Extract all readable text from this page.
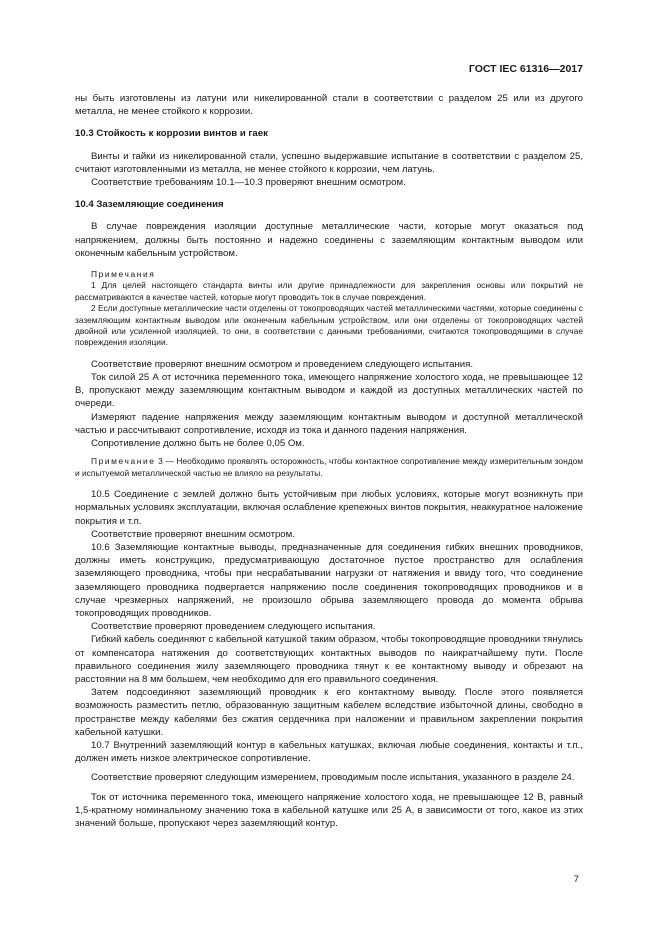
ГОСТ IEC 61316—2017

ны быть изготовлены из латуни или никелированной стали в соответствии с разделом 25 или из другого металла, не менее стойкого к коррозии.

10.3 Стойкость к коррозии винтов и гаек

Винты и гайки из никелированной стали, успешно выдержавшие испытание в соответствии с разделом 25, считают изготовленными из металла, не менее стойкого к коррозии, чем латунь.

Соответствие требованиям 10.1—10.3 проверяют внешним осмотром.

10.4 Заземляющие соединения

В случае повреждения изоляции доступные металлические части, которые могут оказаться под напряжением, должны быть постоянно и надежно соединены с заземляющим контактным выводом или оконечным кабельным устройством.

Примечания

1 Для целей настоящего стандарта винты или другие принадлежности для закрепления основы или покрытий не рассматриваются в качестве частей, которые могут проводить ток в случае повреждения.

2 Если доступные металлические части отделены от токопроводящих частей металлическими частями, которые соединены с заземляющим контактным выводом или оконечным кабельным устройством, или они отделены от токопроводящих частей двойной или усиленной изоляцией, то они, в соответствии с данными требованиями, считаются токопроводящими в случае повреждения изоляции.

Соответствие проверяют внешним осмотром и проведением следующего испытания.

Ток силой 25 А от источника переменного тока, имеющего напряжение холостого хода, не превышающее 12 В, пропускают между заземляющим контактным выводом и каждой из доступных металлических частей по очереди.

Измеряют падение напряжения между заземляющим контактным выводом и доступной металлической частью и рассчитывают сопротивление, исходя из тока и данного падения напряжения.

Сопротивление должно быть не более 0,05 Ом.

Примечание 3 — Необходимо проявлять осторожность, чтобы контактное сопротивление между измерительным зондом и испытуемой металлической частью не влияло на результаты.

10.5 Соединение с землей должно быть устойчивым при любых условиях, которые могут возникнуть при нормальных условиях эксплуатации, включая ослабление крепежных винтов покрытия, неаккуратное наложение покрытия и т.п.

Соответствие проверяют внешним осмотром.

10.6 Заземляющие контактные выводы, предназначенные для соединения гибких внешних проводников, должны иметь конструкцию, предусматривающую достаточное пустое пространство для ослабления заземляющего проводника, чтобы при несрабатывании нагрузки от натяжения и ввиду того, что соединение заземляющего проводника подвергается напряжению после соединения токопроводящих проводников и в случае чрезмерных напряжений, не произошло обрыва заземляющего провода до момента обрыва токопроводящих проводников.

Соответствие проверяют проведением следующего испытания.

Гибкий кабель соединяют с кабельной катушкой таким образом, чтобы токопроводящие проводники тянулись от компенсатора натяжения до соответствующих контактных выводов по наикратчайшему пути. После правильного соединения жилу заземляющего проводника тянут к ее контактному выводу и обрезают на расстоянии на 8 мм большем, чем необходимо для его правильного соединения.

Затем подсоединяют заземляющий проводник к его контактному выводу. После этого появляется возможность разместить петлю, образованную защитным кабелем вследствие избыточной длины, свободно в пространстве между кабелями без сжатия сердечника при наложении и правильном закреплении покрытия кабельной катушки.

10.7 Внутренний заземляющий контур в кабельных катушках, включая любые соединения, контакты и т.п., должен иметь низкое электрическое сопротивление.

Соответствие проверяют следующим измерением, проводимым после испытания, указанного в разделе 24.

Ток от источника переменного тока, имеющего напряжение холостого хода, не превышающее 12 В, равный 1,5-кратному номинальному значению тока в кабельной катушке или 25 А, в зависимости от того, какое из этих значений больше, пропускают через заземляющий контур.

7
